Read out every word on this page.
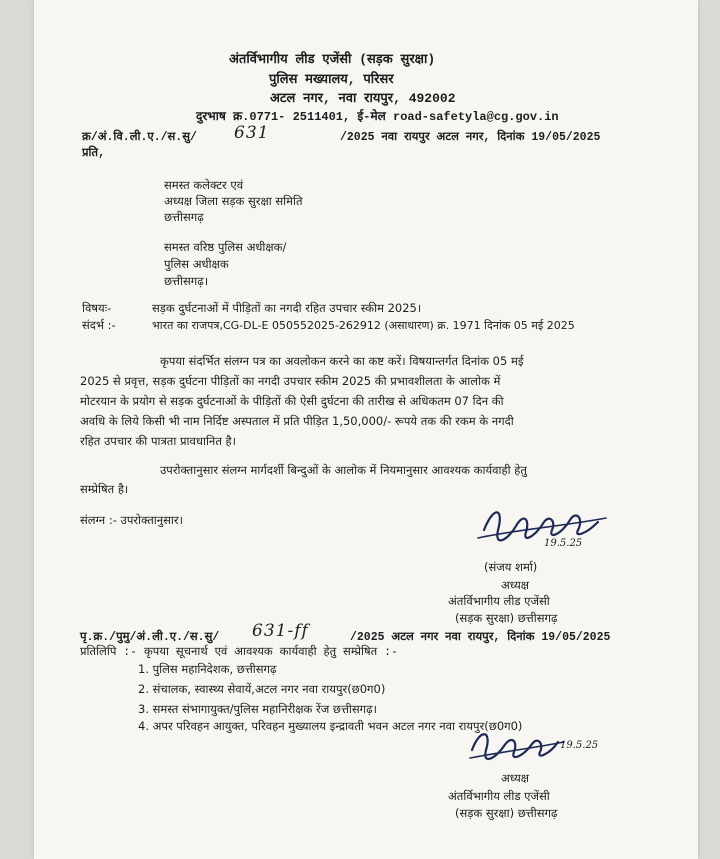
अंतर्विभागीय लीड एजेंसी (सड़क सुरक्षा)
पुलिस मख्यालय, परिसर
अटल नगर, नवा रायपुर, 492002
दुरभाष क्र.0771- 2511401, ई-मेल road-safetyla@cg.gov.in
क्र/अं.वि.ली.ए./स.सु/ 631	/2025 नवा रायपुर अटल नगर, दिनांक 19/05/2025
प्रति,
समस्त कलेक्टर एवं
अध्यक्ष जिला सड़क सुरक्षा समिति
छत्तीसगढ़
समस्त वरिष्ठ पुलिस अधीक्षक/
पुलिस अधीक्षक
छत्तीसगढ़।
विषयः-	सड़क दुर्घटनाओं में पीड़ितों का नगदी रहित उपचार स्कीम 2025।
संदर्भ :-	भारत का राजपत्र,CG-DL-E 050552025-262912 (असाधारण) क्र. 1971 दिनांक 05 मई 2025
कृपया संदर्भित संलग्न पत्र का अवलोकन करने का कष्ट करें। विषयान्तर्गत दिनांक 05 मई
2025 से प्रवृत्त, सड़क दुर्घटना पीड़ितों का नगदी उपचार स्कीम 2025 की प्रभावशीलता के आलोक में
मोटरयान के प्रयोग से सड़क दुर्घटनाओं के पीड़ितों की ऐसी दुर्घटना की तारीख से अधिकतम 07 दिन की
अवधि के लिये किसी भी नाम निर्दिष्ट अस्पताल में प्रति पीड़ित 1,50,000/- रूपये तक की रकम के नगदी
रहित उपचार की पात्रता प्रावधानित है।
उपरोक्तानुसार संलग्न मार्गदर्शी बिन्दुओं के आलोक में नियमानुसार आवश्यक कार्यवाही हेतु
सम्प्रेषित है।
संलग्न :- उपरोक्तानुसार।
19.5.25
(संजय शर्मा)
अध्यक्ष
अंतर्विभागीय लीड एजेंसी
(सड़क सुरक्षा) छत्तीसगढ़
पृ.क्र./पुमु/अं.ली.ए./स.सु/ 631-ff	/2025 अटल नगर नवा रायपुर, दिनांक 19/05/2025
प्रतिलिपि :- कृपया सूचनार्थ एवं आवश्यक कार्यवाही हेतु सम्प्रेषित :-
1. पुलिस महानिदेशक, छत्तीसगढ़
2. संचालक, स्वास्थ्य सेवायें,अटल नगर नवा रायपुर(छ0ग0)
3. समस्त संभागायुक्त/पुलिस महानिरीक्षक रेंज छत्तीसगढ़।
4. अपर परिवहन आयुक्त, परिवहन मुख्यालय इन्द्रावती भवन अटल नगर नवा रायपुर(छ0ग0)
19.5.25
अध्यक्ष
अंतर्विभागीय लीड एजेंसी
(सड़क सुरक्षा) छत्तीसगढ़
